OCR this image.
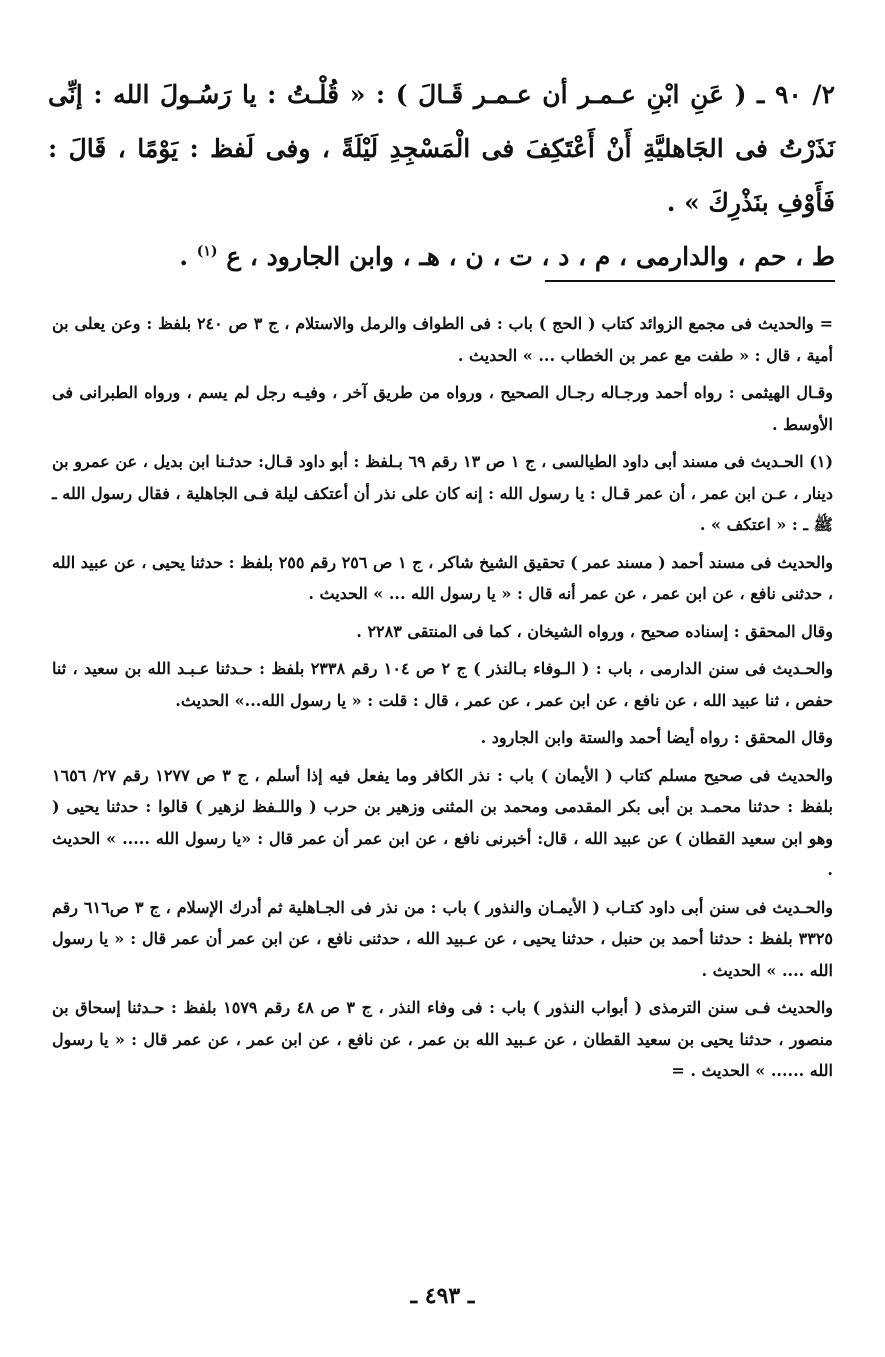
٢/ ٩٠ ـ ( عَنِ ابْنِ عـمـر أن عـمـر قَـالَ ) : « قُلْـتُ : يا رَسُـولَ الله : إنِّى نَذَرْتُ فى الجَاهليَّةِ أَنْ أَعْتَكِفَ فى الْمَسْجِدِ لَيْلَةً ، وفى لَفظ : يَوْمًا ، قَالَ : فَأَوْفِ بنَذْرِكَ » .

ط ، حم ، والدارمى ، م ، د ، ت ، ن ، هـ ، وابن الجارود ، ع $^{(١)}$ .

= والحديث فى مجمع الزوائد كتاب ( الحج ) باب : فى الطواف والرمل والاستلام ، ج ٣ ص ٢٤٠ بلفظ : وعن يعلى بن أمية ، قال : « طفت مع عمر بن الخطاب ... » الحديث .

وقـال الهيثمى : رواه أحمد ورجـاله رجـال الصحيح ، ورواه من طريق آخر ، وفيـه رجل لم يسم ، ورواه الطبرانى فى الأوسط .

(١) الحـديث فى مسند أبى داود الطيالسى ، ج ١ ص ١٣ رقم ٦٩ بـلفظ : أبو داود قـال: حدثـنا ابن بديل ، عن عمرو بن دينار ، عـن ابن عمر ، أن عمر قـال : يا رسول الله : إنه كان على نذر أن أعتكف ليلة فـى الجاهلية ، فقال رسول الله ـ ﷺ ـ : « اعتكف » .

والحديث فى مسند أحمد ( مسند عمر ) تحقيق الشيخ شاكر ، ج ١ ص ٢٥٦ رقم ٢٥٥ بلفظ : حدثنا يحيى ، عن عبيد الله ، حدثنى نافع ، عن ابن عمر ، عن عمر أنه قال : « يا رسول الله ... » الحديث .

وقال المحقق : إسناده صحيح ، ورواه الشيخان ، كما فى المنتقى ٢٢٨٣ .

والحـديث فى سنن الدارمى ، باب : ( الـوفاء بـالنذر ) ج ٢ ص ١٠٤ رقم ٢٣٣٨ بلفظ : حـدثنا عـبـد الله بن سعيد ، ثنا حفص ، ثنا عبيد الله ، عن نافع ، عن ابن عمر ، عن عمر ، قال : قلت : « يا رسول الله...» الحديث.

وقال المحقق : رواه أيضا أحمد والستة وابن الجارود .

والحديث فى صحيح مسلم كتاب ( الأيمان ) باب : نذر الكافر وما يفعل فيه إذا أسلم ، ج ٣ ص ١٢٧٧ رقم ٢٧/ ١٦٥٦ بلفظ : حدثنا محمـد بن أبى بكر المقدمى ومحمد بن المثنى وزهير بن حرب ( واللـفظ لزهير ) قالوا : حدثنا يحيى ( وهو ابن سعيد القطان ) عن عبيد الله ، قال: أخبرنى نافع ، عن ابن عمر أن عمر قال : «يا رسول الله ..... » الحديث .

والحـديث فى سنن أبى داود كتـاب ( الأيمـان والنذور ) باب : من نذر فى الجـاهلية ثم أدرك الإسلام ، ج ٣ ص٦١٦ رقم ٣٣٢٥ بلفظ : حدثنا أحمد بن حنبل ، حدثنا يحيى ، عن عـبيد الله ، حدثنى نافع ، عن ابن عمر أن عمر قال : « يا رسول الله .... » الحديث .

والحديث فـى سنن الترمذى ( أبواب النذور ) باب : فى وفاء النذر ، ج ٣ ص ٤٨ رقم ١٥٧٩ بلفظ : حـدثنا إسحاق بن منصور ، حدثنا يحيى بن سعيد القطان ، عن عـبيد الله بن عمر ، عن نافع ، عن ابن عمر ، عن عمر قال : « يا رسول الله ...... » الحديث . =

ـ ٤٩٣ ـ
